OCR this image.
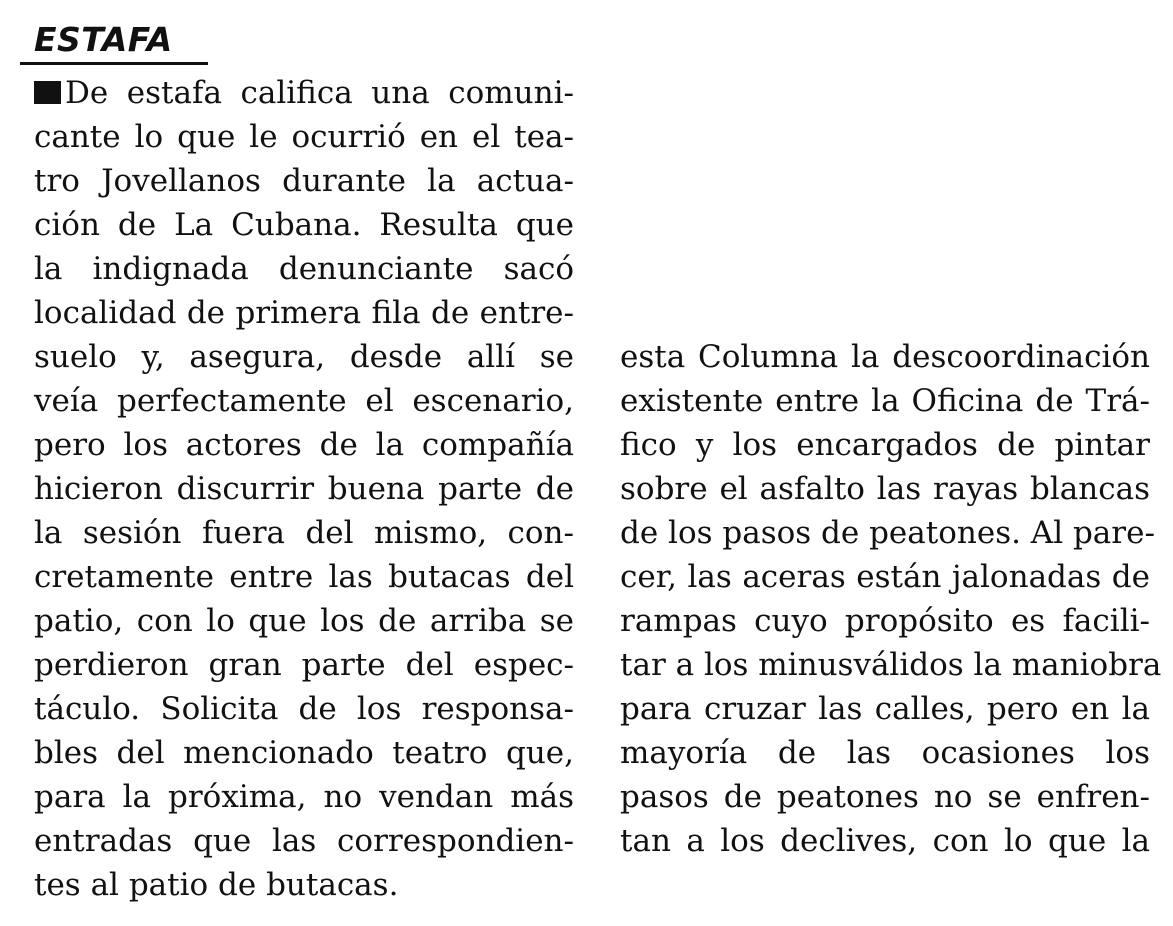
ESTAFA
De estafa califica una comuni-
cante lo que le ocurrió en el tea-
tro Jovellanos durante la actua-
ción de La Cubana. Resulta que
la indignada denunciante sacó
localidad de primera fila de entre-
suelo y, asegura, desde allí se
veía perfectamente el escenario,
pero los actores de la compañía
hicieron discurrir buena parte de
la sesión fuera del mismo, con-
cretamente entre las butacas del
patio, con lo que los de arriba se
perdieron gran parte del espec-
táculo. Solicita de los responsa-
bles del mencionado teatro que,
para la próxima, no vendan más
entradas que las correspondien-
tes al patio de butacas.
esta Columna la descoordinación
existente entre la Oficina de Trá-
fico y los encargados de pintar
sobre el asfalto las rayas blancas
de los pasos de peatones. Al pare-
cer, las aceras están jalonadas de
rampas cuyo propósito es facili-
tar a los minusválidos la maniobra
para cruzar las calles, pero en la
mayoría de las ocasiones los
pasos de peatones no se enfren-
tan a los declives, con lo que la
